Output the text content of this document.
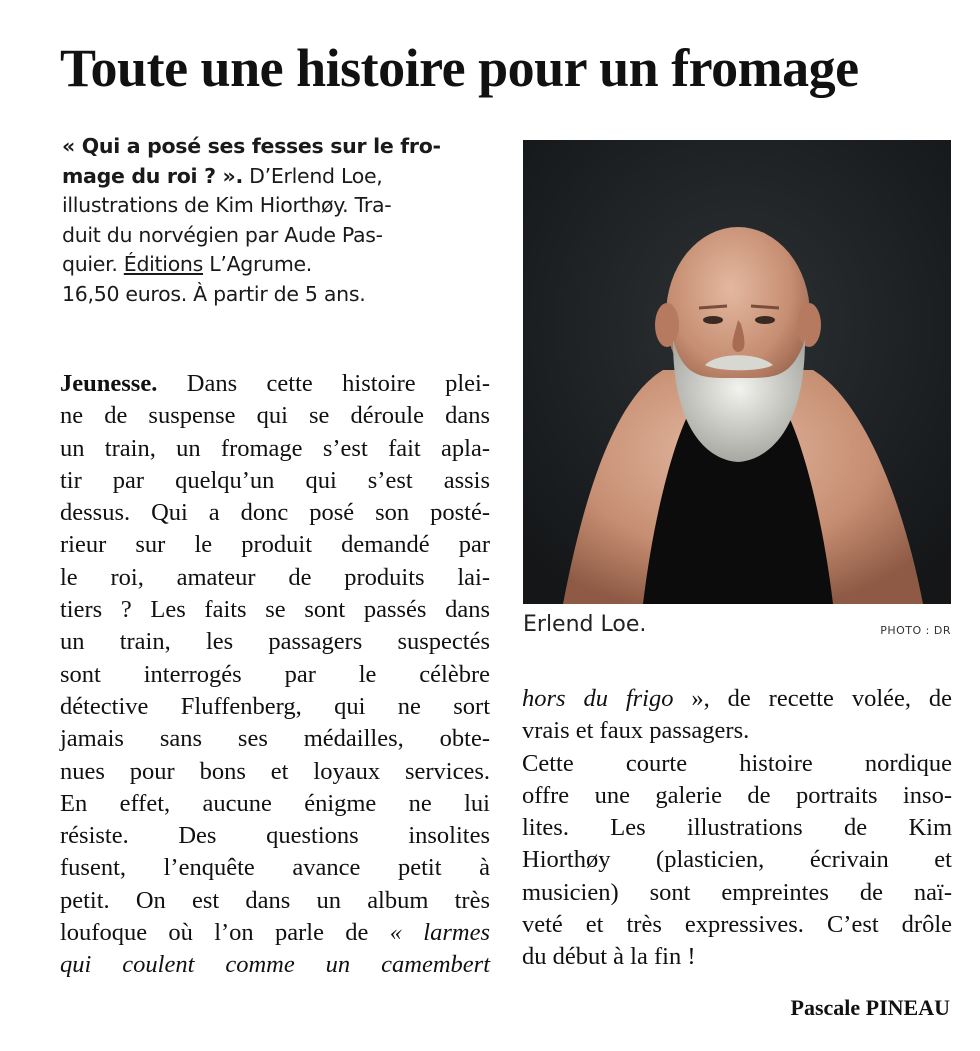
Toute une histoire pour un fromage
« Qui a posé ses fesses sur le fro-
mage du roi ? ». D’Erlend Loe,
illustrations de Kim Hiorthøy. Tra-
duit du norvégien par Aude Pas-
quier. Éditions L’Agrume.
16,50 euros. À partir de 5 ans.
Jeunesse. Dans cette histoire plei-
ne de suspense qui se déroule dans
un train, un fromage s’est fait apla-
tir par quelqu’un qui s’est assis
dessus. Qui a donc posé son posté-
rieur sur le produit demandé par
le roi, amateur de produits lai-
tiers ? Les faits se sont passés dans
un train, les passagers suspectés
sont interrogés par le célèbre
détective Fluffenberg, qui ne sort
jamais sans ses médailles, obte-
nues pour bons et loyaux services.
En effet, aucune énigme ne lui
résiste. Des questions insolites
fusent, l’enquête avance petit à
petit. On est dans un album très
loufoque où l’on parle de « larmes
qui coulent comme un camembert
Erlend Loe.	PHOTO : DR
hors du frigo », de recette volée, de
vrais et faux passagers.
Cette courte histoire nordique
offre une galerie de portraits inso-
lites. Les illustrations de Kim
Hiorthøy (plasticien, écrivain et
musicien) sont empreintes de naï-
veté et très expressives. C’est drôle
du début à la fin !
Pascale PINEAU
